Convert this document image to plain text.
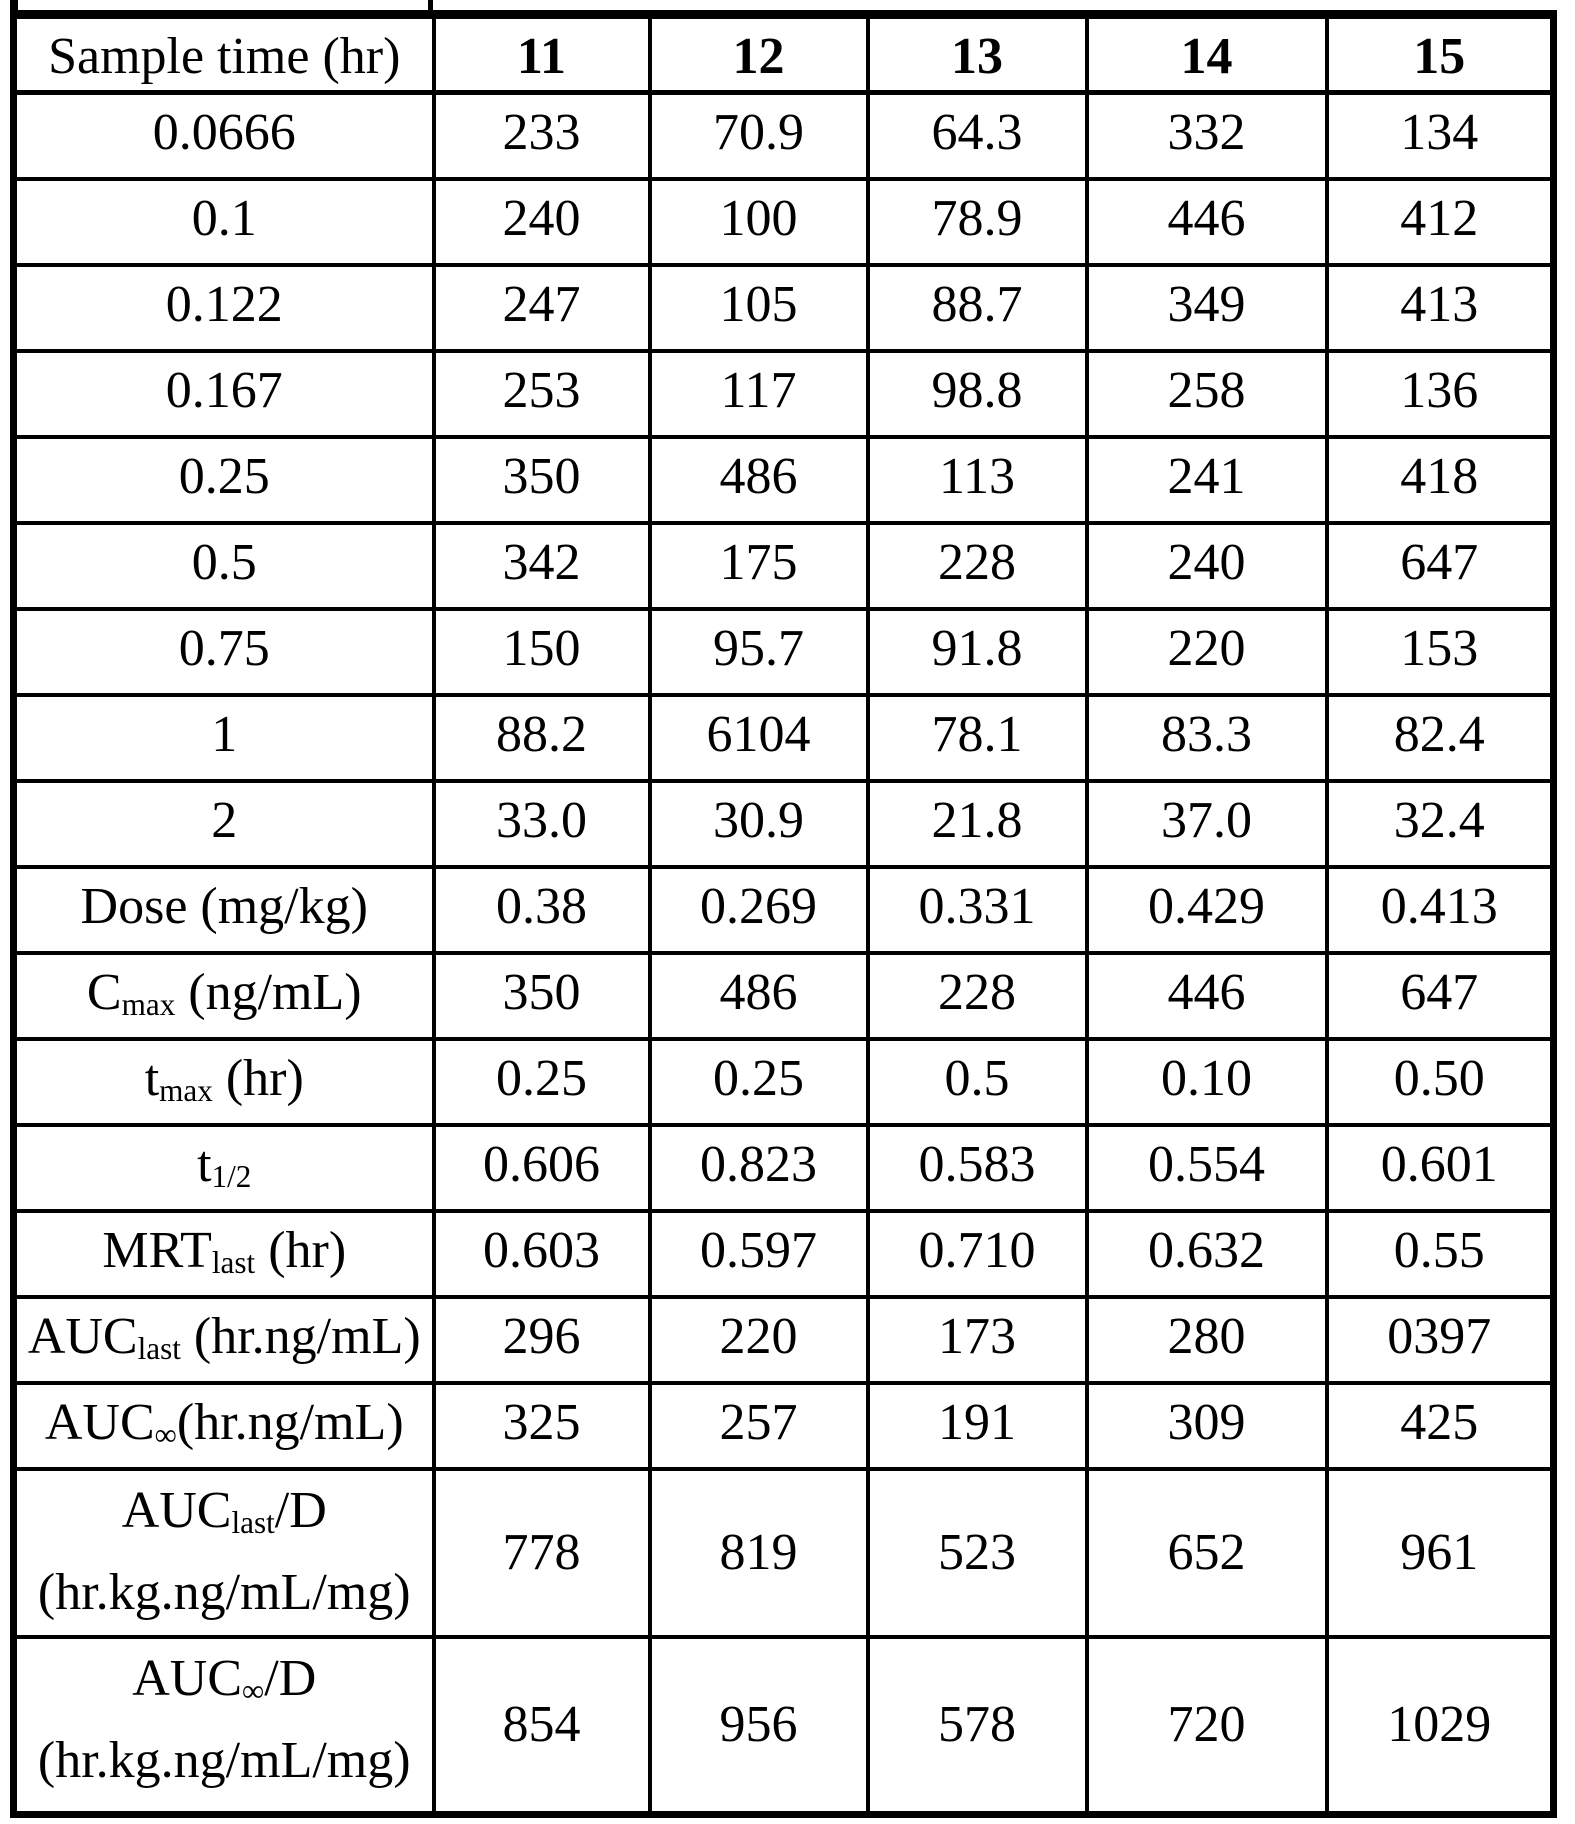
Sample time (hr)	11	12	13	14	15

0.0666	233	70.9	64.3	332	134

0.1	240	100	78.9	446	412

0.122	247	105	88.7	349	413

0.167	253	117	98.8	258	136

0.25	350	486	113	241	418

0.5	342	175	228	240	647

0.75	150	95.7	91.8	220	153

1	88.2	6104	78.1	83.3	82.4

2	33.0	30.9	21.8	37.0	32.4

Dose (mg/kg)	0.38	0.269	0.331	0.429	0.413

$C_{max}$ (ng/mL)	350	486	228	446	647

$t_{max}$ (hr)	0.25	0.25	0.5	0.10	0.50

$t_{1/2}$	0.606	0.823	0.583	0.554	0.601

$MRT_{last}$ (hr)	0.603	0.597	0.710	0.632	0.55

$AUC_{last}$ (hr.ng/mL)	296	220	173	280	0397

$AUC_\infty(hr.ng/mL)$	325	257	191	309	425

$AUC_{last}/D$
(hr.kg.ng/mL/mg)	778	819	523	652	961

$AUC_\infty/D$
(hr.kg.ng/mL/mg)	854	956	578	720	1029
